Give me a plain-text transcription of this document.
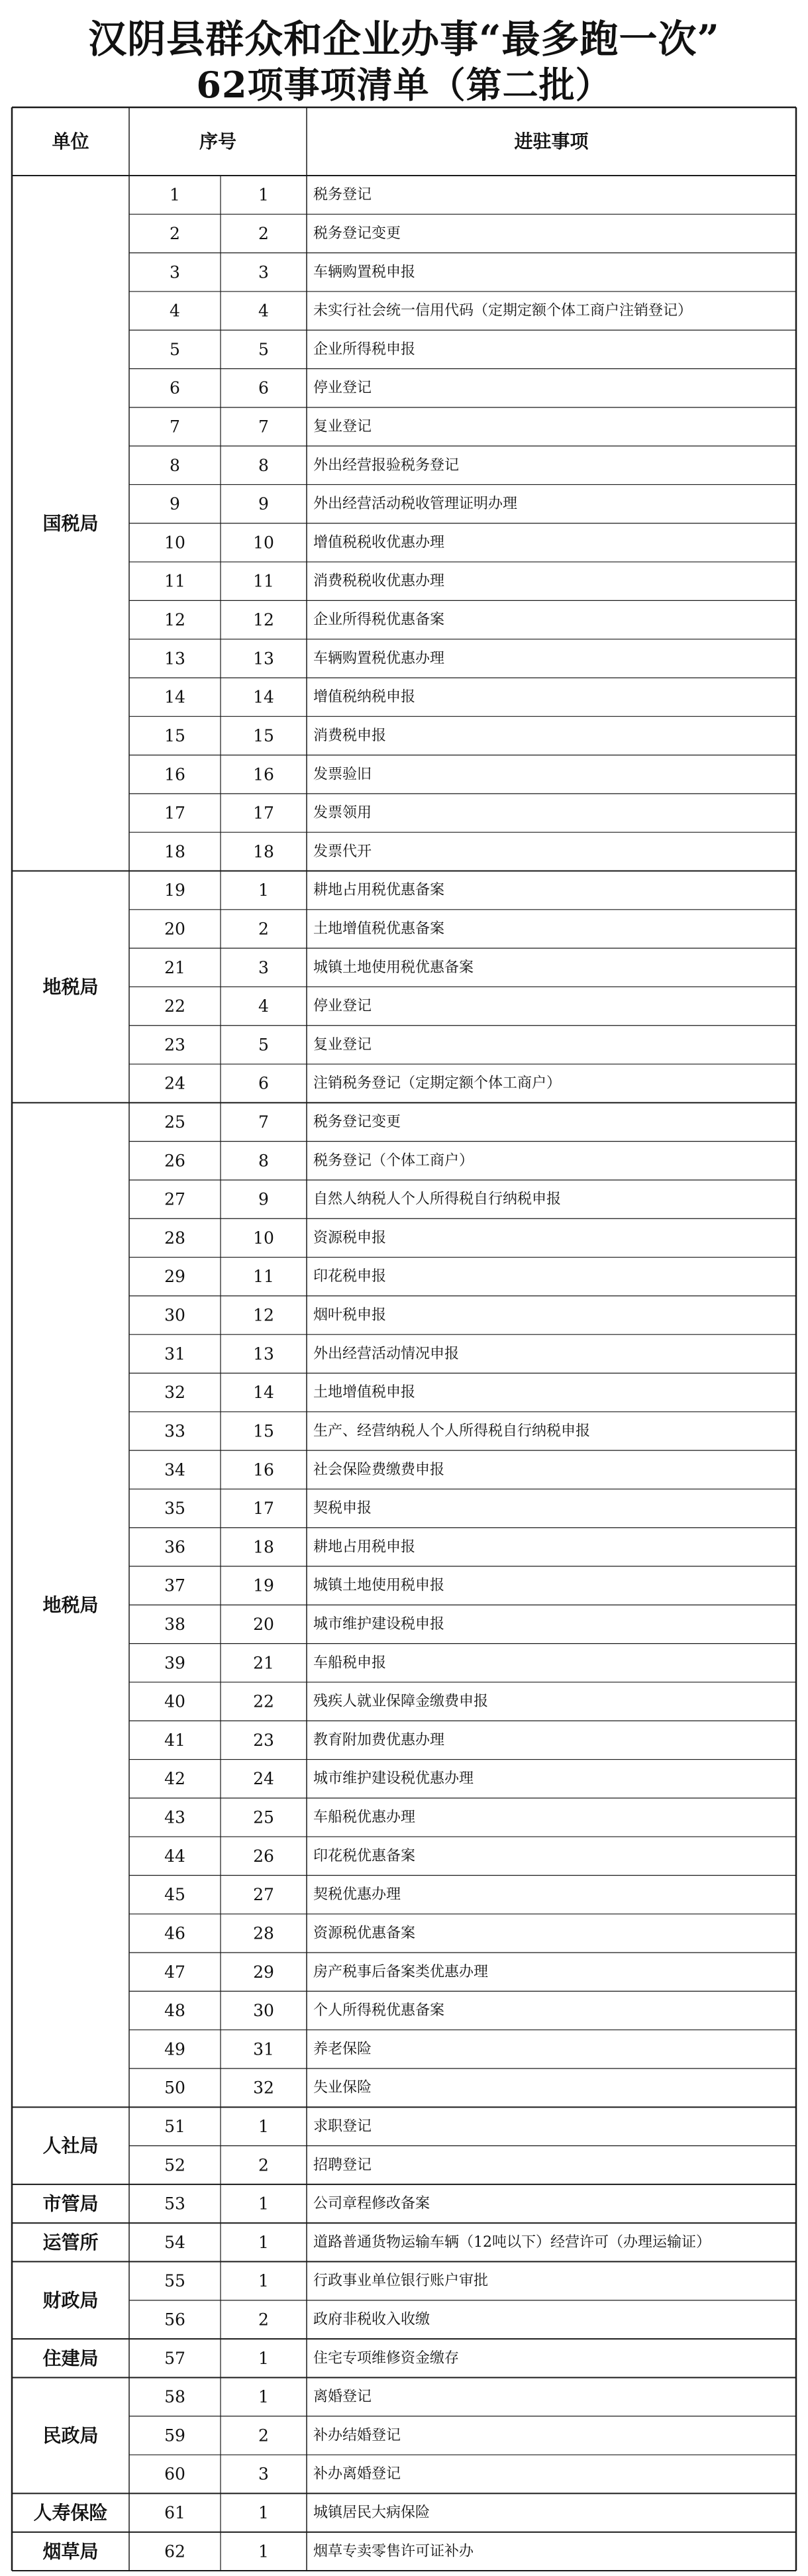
汉阴县群众和企业办事“最多跑一次”
62项事项清单（第二批）
单位	序号	进驻事项
国税局
1	1	税务登记
2	2	税务登记变更
3	3	车辆购置税申报
4	4	未实行社会统一信用代码（定期定额个体工商户注销登记）
5	5	企业所得税申报
6	6	停业登记
7	7	复业登记
8	8	外出经营报验税务登记
9	9	外出经营活动税收管理证明办理
10	10	增值税税收优惠办理
11	11	消费税税收优惠办理
12	12	企业所得税优惠备案
13	13	车辆购置税优惠办理
14	14	增值税纳税申报
15	15	消费税申报
16	16	发票验旧
17	17	发票领用
18	18	发票代开
地税局
19	1	耕地占用税优惠备案
20	2	土地增值税优惠备案
21	3	城镇土地使用税优惠备案
22	4	停业登记
23	5	复业登记
24	6	注销税务登记（定期定额个体工商户）
地税局
25	7	税务登记变更
26	8	税务登记（个体工商户）
27	9	自然人纳税人个人所得税自行纳税申报
28	10	资源税申报
29	11	印花税申报
30	12	烟叶税申报
31	13	外出经营活动情况申报
32	14	土地增值税申报
33	15	生产、经营纳税人个人所得税自行纳税申报
34	16	社会保险费缴费申报
35	17	契税申报
36	18	耕地占用税申报
37	19	城镇土地使用税申报
38	20	城市维护建设税申报
39	21	车船税申报
40	22	残疾人就业保障金缴费申报
41	23	教育附加费优惠办理
42	24	城市维护建设税优惠办理
43	25	车船税优惠办理
44	26	印花税优惠备案
45	27	契税优惠办理
46	28	资源税优惠备案
47	29	房产税事后备案类优惠办理
48	30	个人所得税优惠备案
49	31	养老保险
50	32	失业保险
人社局
51	1	求职登记
52	2	招聘登记
市管局	53	1	公司章程修改备案
运管所	54	1	道路普通货物运输车辆（12吨以下）经营许可（办理运输证）
财政局
55	1	行政事业单位银行账户审批
56	2	政府非税收入收缴
住建局	57	1	住宅专项维修资金缴存
民政局
58	1	离婚登记
59	2	补办结婚登记
60	3	补办离婚登记
人寿保险	61	1	城镇居民大病保险
烟草局	62	1	烟草专卖零售许可证补办
